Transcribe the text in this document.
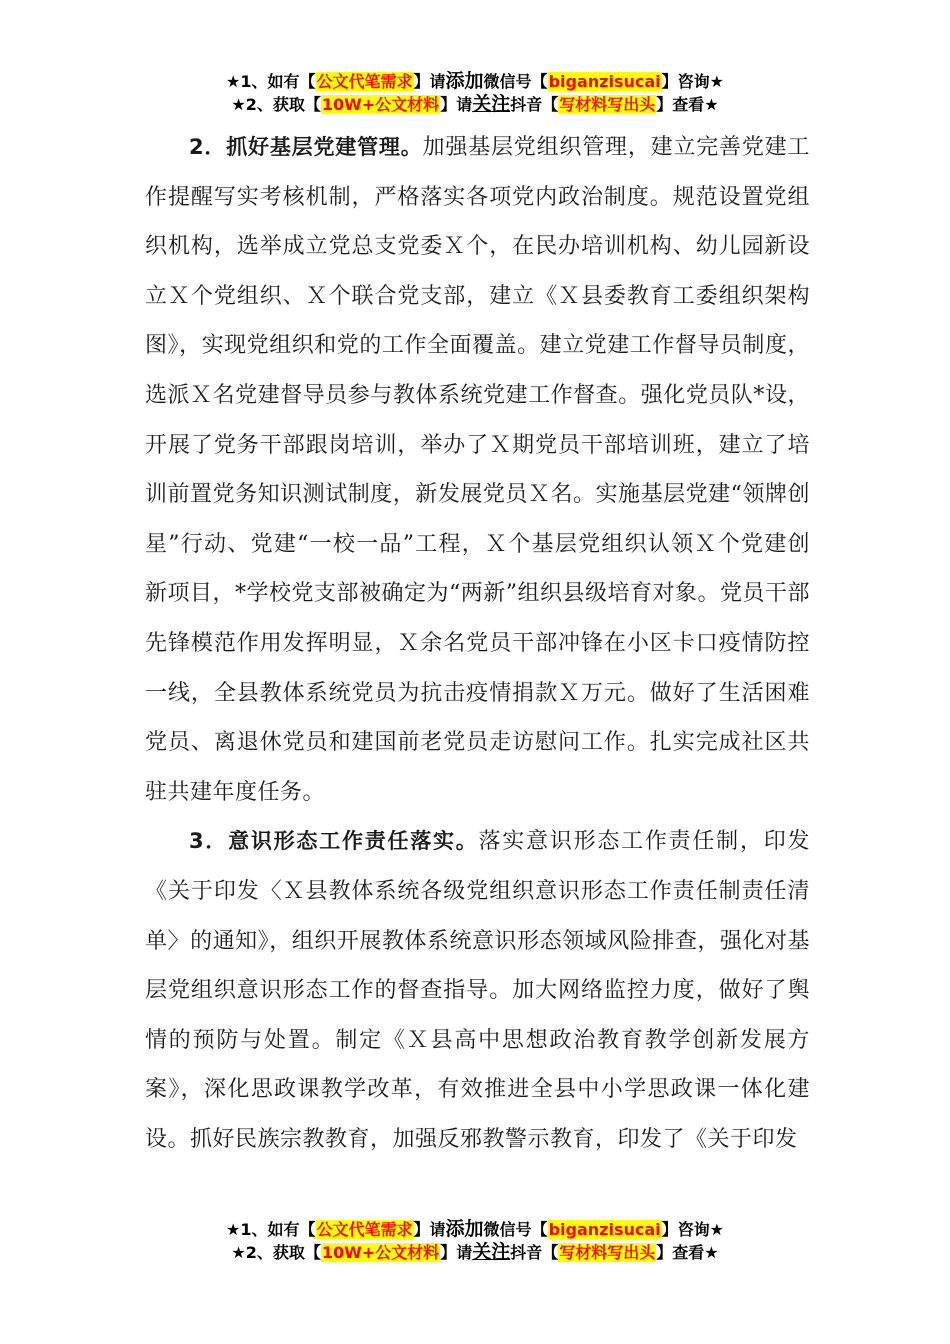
★1、如有【公文代笔需求】请添加微信号【biganzisucai】咨询★
★2、获取【10W+公文材料】请关注抖音【写材料写出头】查看★

2．抓好基层党建管理。加强基层党组织管理，建立完善党建工作提醒写实考核机制，严格落实各项党内政治制度。规范设置党组织机构，选举成立党总支党委Ｘ个，在民办培训机构、幼儿园新设立Ｘ个党组织、Ｘ个联合党支部，建立《Ｘ县委教育工委组织架构图》，实现党组织和党的工作全面覆盖。建立党建工作督导员制度，选派Ｘ名党建督导员参与教体系统党建工作督查。强化党员队*设，开展了党务干部跟岗培训，举办了Ｘ期党员干部培训班，建立了培训前置党务知识测试制度，新发展党员Ｘ名。实施基层党建“领牌创星”行动、党建“一校一品”工程，Ｘ个基层党组织认领Ｘ个党建创新项目，*学校党支部被确定为“两新”组织县级培育对象。党员干部先锋模范作用发挥明显，Ｘ余名党员干部冲锋在小区卡口疫情防控一线，全县教体系统党员为抗击疫情捐款Ｘ万元。做好了生活困难党员、离退休党员和建国前老党员走访慰问工作。扎实完成社区共驻共建年度任务。

3．意识形态工作责任落实。落实意识形态工作责任制，印发《关于印发〈Ｘ县教体系统各级党组织意识形态工作责任制责任清单〉的通知》，组织开展教体系统意识形态领域风险排查，强化对基层党组织意识形态工作的督查指导。加大网络监控力度，做好了舆情的预防与处置。制定《Ｘ县高中思想政治教育教学创新发展方案》，深化思政课教学改革，有效推进全县中小学思政课一体化建设。抓好民族宗教教育，加强反邪教警示教育，印发了《关于印发

★1、如有【公文代笔需求】请添加微信号【biganzisucai】咨询★
★2、获取【10W+公文材料】请关注抖音【写材料写出头】查看★
